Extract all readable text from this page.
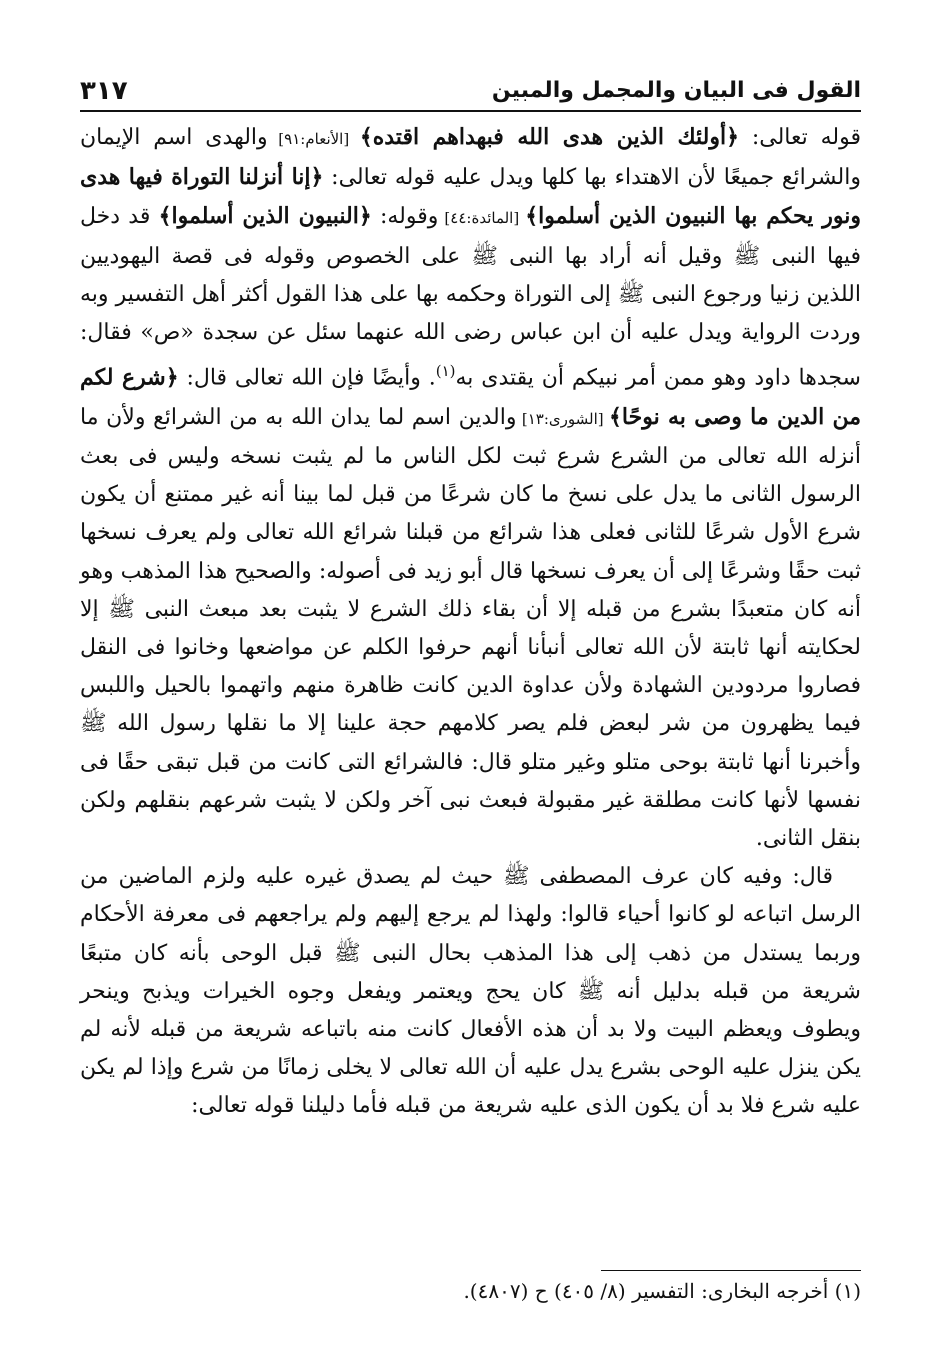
القول فى البيان والمجمل والمبين
٣١٧

قوله تعالى: ﴿أولئك الذين هدى الله فبهداهم اقتده﴾ [الأنعام:٩١] والهدى اسم الإيمان والشرائع جميعًا لأن الاهتداء بها كلها ويدل عليه قوله تعالى: ﴿إنا أنزلنا التوراة فيها هدى ونور يحكم بها النبيون الذين أسلموا﴾ [المائدة:٤٤] وقوله: ﴿النبيون الذين أسلموا﴾ قد دخل فيها النبى ﷺ وقيل أنه أراد بها النبى ﷺ على الخصوص وقوله فى قصة اليهوديين اللذين زنيا ورجوع النبى ﷺ إلى التوراة وحكمه بها على هذا القول أكثر أهل التفسير وبه وردت الرواية ويدل عليه أن ابن عباس رضى الله عنهما سئل عن سجدة «ص» فقال: سجدها داود وهو ممن أمر نبيكم أن يقتدى به$^{(١)}$. وأيضًا فإن الله تعالى قال: ﴿شرع لكم من الدين ما وصى به نوحًا﴾ [الشورى:١٣] والدين اسم لما يدان الله به من الشرائع ولأن ما أنزله الله تعالى من الشرع شرع ثبت لكل الناس ما لم يثبت نسخه وليس فى بعث الرسول الثانى ما يدل على نسخ ما كان شرعًا من قبل لما بينا أنه غير ممتنع أن يكون شرع الأول شرعًا للثانى فعلى هذا شرائع من قبلنا شرائع الله تعالى ولم يعرف نسخها ثبت حقًا وشرعًا إلى أن يعرف نسخها قال أبو زيد فى أصوله: والصحيح هذا المذهب وهو أنه كان متعبدًا بشرع من قبله إلا أن بقاء ذلك الشرع لا يثبت بعد مبعث النبى ﷺ إلا لحكايته أنها ثابتة لأن الله تعالى أنبأنا أنهم حرفوا الكلم عن مواضعها وخانوا فى النقل فصاروا مردودين الشهادة ولأن عداوة الدين كانت ظاهرة منهم واتهموا بالحيل واللبس فيما يظهرون من شر لبعض فلم يصر كلامهم حجة علينا إلا ما نقلها رسول الله ﷺ وأخبرنا أنها ثابتة بوحى متلو وغير متلو قال: فالشرائع التى كانت من قبل تبقى حقًا فى نفسها لأنها كانت مطلقة غير مقبولة فبعث نبى آخر ولكن لا يثبت شرعهم بنقلهم ولكن بنقل الثانى.

قال: وفيه كان عرف المصطفى ﷺ حيث لم يصدق غيره عليه ولزم الماضين من الرسل اتباعه لو كانوا أحياء قالوا: ولهذا لم يرجع إليهم ولم يراجعهم فى معرفة الأحكام وربما يستدل من ذهب إلى هذا المذهب بحال النبى ﷺ قبل الوحى بأنه كان متبعًا شريعة من قبله بدليل أنه ﷺ كان يحج ويعتمر ويفعل وجوه الخيرات ويذبح وينحر ويطوف ويعظم البيت ولا بد أن هذه الأفعال كانت منه باتباعه شريعة من قبله لأنه لم يكن ينزل عليه الوحى بشرع يدل عليه أن الله تعالى لا يخلى زمانًا من شرع وإذا لم يكن عليه شرع فلا بد أن يكون الذى عليه شريعة من قبله فأما دليلنا قوله تعالى:

(١) أخرجه البخارى: التفسير (٨/ ٤٠٥) ح (٤٨٠٧).
